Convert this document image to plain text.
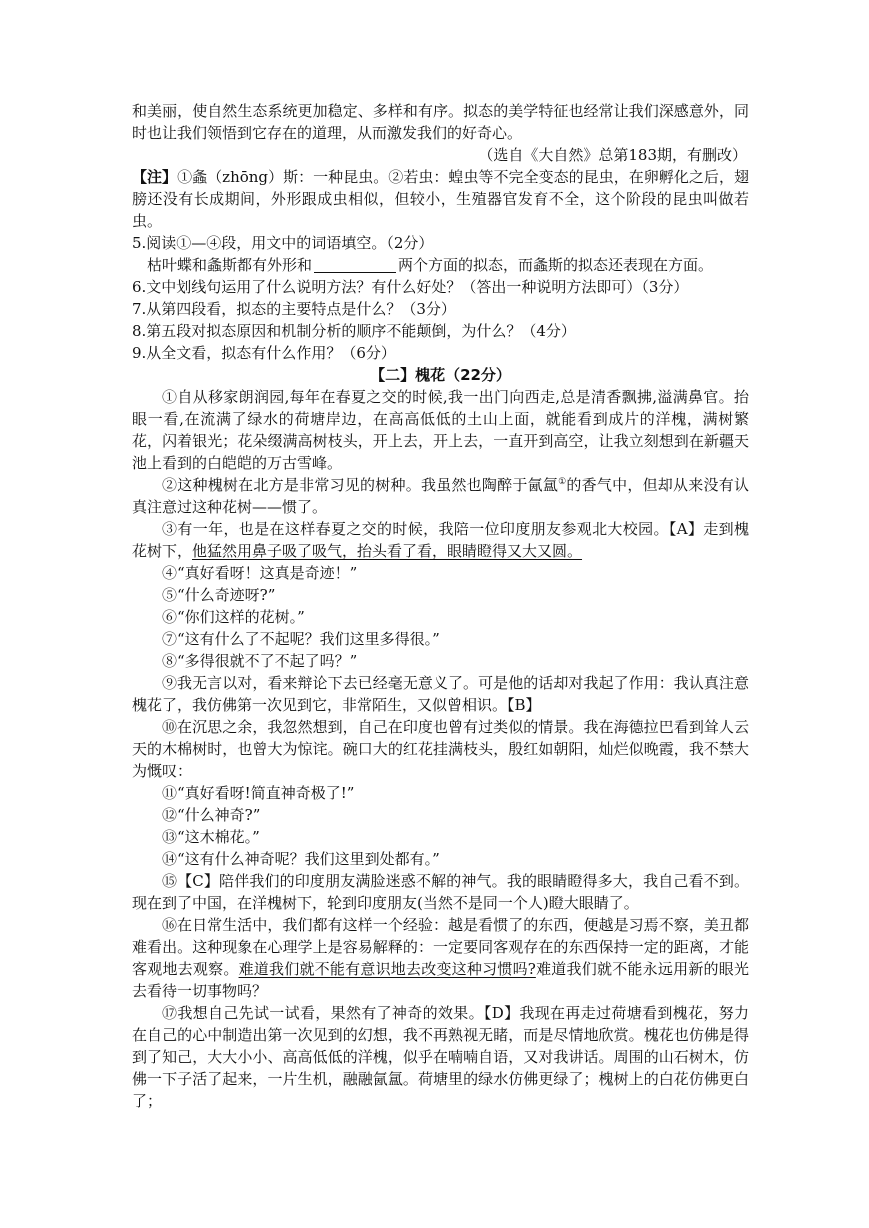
和美丽，使自然生态系统更加稳定、多样和有序。拟态的美学特征也经常让我们深感意外，同时也让我们领悟到它存在的道理，从而激发我们的好奇心。

（选自《大自然》总第183期，有删改）

【注】①螽（zhōng）斯：一种昆虫。②若虫：蝗虫等不完全变态的昆虫，在卵孵化之后，翅膀还没有长成期间，外形跟成虫相似，但较小，生殖器官发育不全，这个阶段的昆虫叫做若虫。

5.阅读①—④段，用文中的词语填空。（2分）

枯叶蝶和螽斯都有外形和	两个方面的拟态，而螽斯的拟态还表现在方面。

6.文中划线句运用了什么说明方法？有什么好处？（答出一种说明方法即可）（3分）

7.从第四段看，拟态的主要特点是什么？（3分）

8.第五段对拟态原因和机制分析的顺序不能颠倒，为什么？（4分）

9.从全文看，拟态有什么作用？（6分）

【二】槐花（22分）

①自从移家朗润园,每年在春夏之交的时候,我一出门向西走,总是清香飘拂,溢满鼻官。抬眼一看,在流满了绿水的荷塘岸边，在高高低低的土山上面，就能看到成片的洋槐，满树繁花，闪着银光；花朵缀满高树枝头，开上去，开上去，一直开到高空，让我立刻想到在新疆天池上看到的白皑皑的万古雪峰。

②这种槐树在北方是非常习见的树种。我虽然也陶醉于氤氲①的香气中，但却从来没有认真注意过这种花树——惯了。

③有一年，也是在这样春夏之交的时候，我陪一位印度朋友参观北大校园。【A】走到槐花树下，他猛然用鼻子吸了吸气，抬头看了看，眼睛瞪得又大又圆。

④“真好看呀！这真是奇迹！”

⑤“什么奇迹呀?”

⑥“你们这样的花树。”

⑦“这有什么了不起呢？我们这里多得很。”

⑧“多得很就不了不起了吗？”

⑨我无言以对，看来辩论下去已经毫无意义了。可是他的话却对我起了作用：我认真注意槐花了，我仿佛第一次见到它，非常陌生，又似曾相识。【B】

⑩在沉思之余，我忽然想到，自己在印度也曾有过类似的情景。我在海德拉巴看到耸人云天的木棉树时，也曾大为惊诧。碗口大的红花挂满枝头，殷红如朝阳，灿烂似晚霞，我不禁大为慨叹：

⑪“真好看呀!简直神奇极了!”

⑫“什么神奇?”

⑬“这木棉花。”

⑭“这有什么神奇呢？我们这里到处都有。”

⑮【C】陪伴我们的印度朋友满脸迷惑不解的神气。我的眼睛瞪得多大，我自己看不到。现在到了中国，在洋槐树下，轮到印度朋友(当然不是同一个人)瞪大眼睛了。

⑯在日常生活中，我们都有这样一个经验：越是看惯了的东西，便越是习焉不察，美丑都难看出。这种现象在心理学上是容易解释的：一定要同客观存在的东西保持一定的距离，才能客观地去观察。难道我们就不能有意识地去改变这种习惯吗?难道我们就不能永远用新的眼光去看待一切事物吗？

⑰我想自己先试一试看，果然有了神奇的效果。【D】我现在再走过荷塘看到槐花，努力在自己的心中制造出第一次见到的幻想，我不再熟视无睹，而是尽情地欣赏。槐花也仿佛是得到了知己，大大小小、高高低低的洋槐，似乎在喃喃自语，又对我讲话。周围的山石树木，仿佛一下子活了起来，一片生机，融融氤氲。荷塘里的绿水仿佛更绿了；槐树上的白花仿佛更白了；
